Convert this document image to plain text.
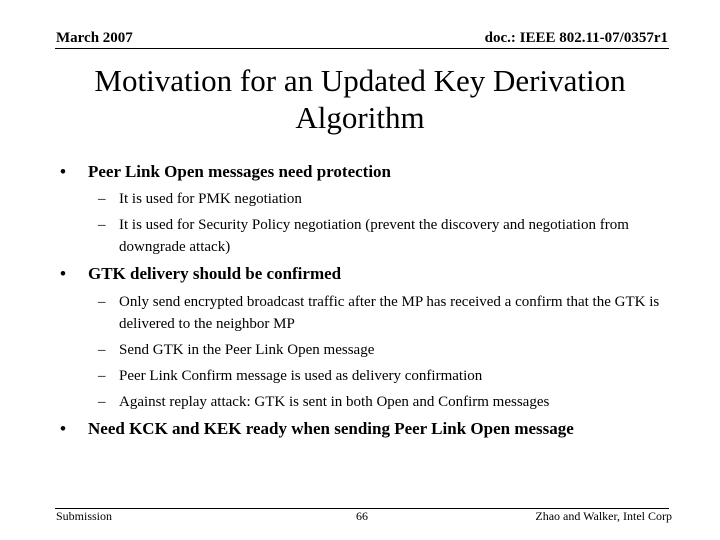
March 2007	doc.: IEEE 802.11-07/0357r1
Motivation for an Updated Key Derivation Algorithm
• Peer Link Open messages need protection
– It is used for PMK negotiation
– It is used for Security Policy negotiation (prevent the discovery and negotiation from downgrade attack)
• GTK delivery should be confirmed
– Only send encrypted broadcast traffic after the MP has received a confirm that the GTK is delivered to the neighbor MP
– Send GTK in the Peer Link Open message
– Peer Link Confirm message is used as delivery confirmation
– Against replay attack: GTK is sent in both Open and Confirm messages
• Need KCK and KEK ready when sending Peer Link Open message
Submission	66	Zhao and Walker, Intel Corp
